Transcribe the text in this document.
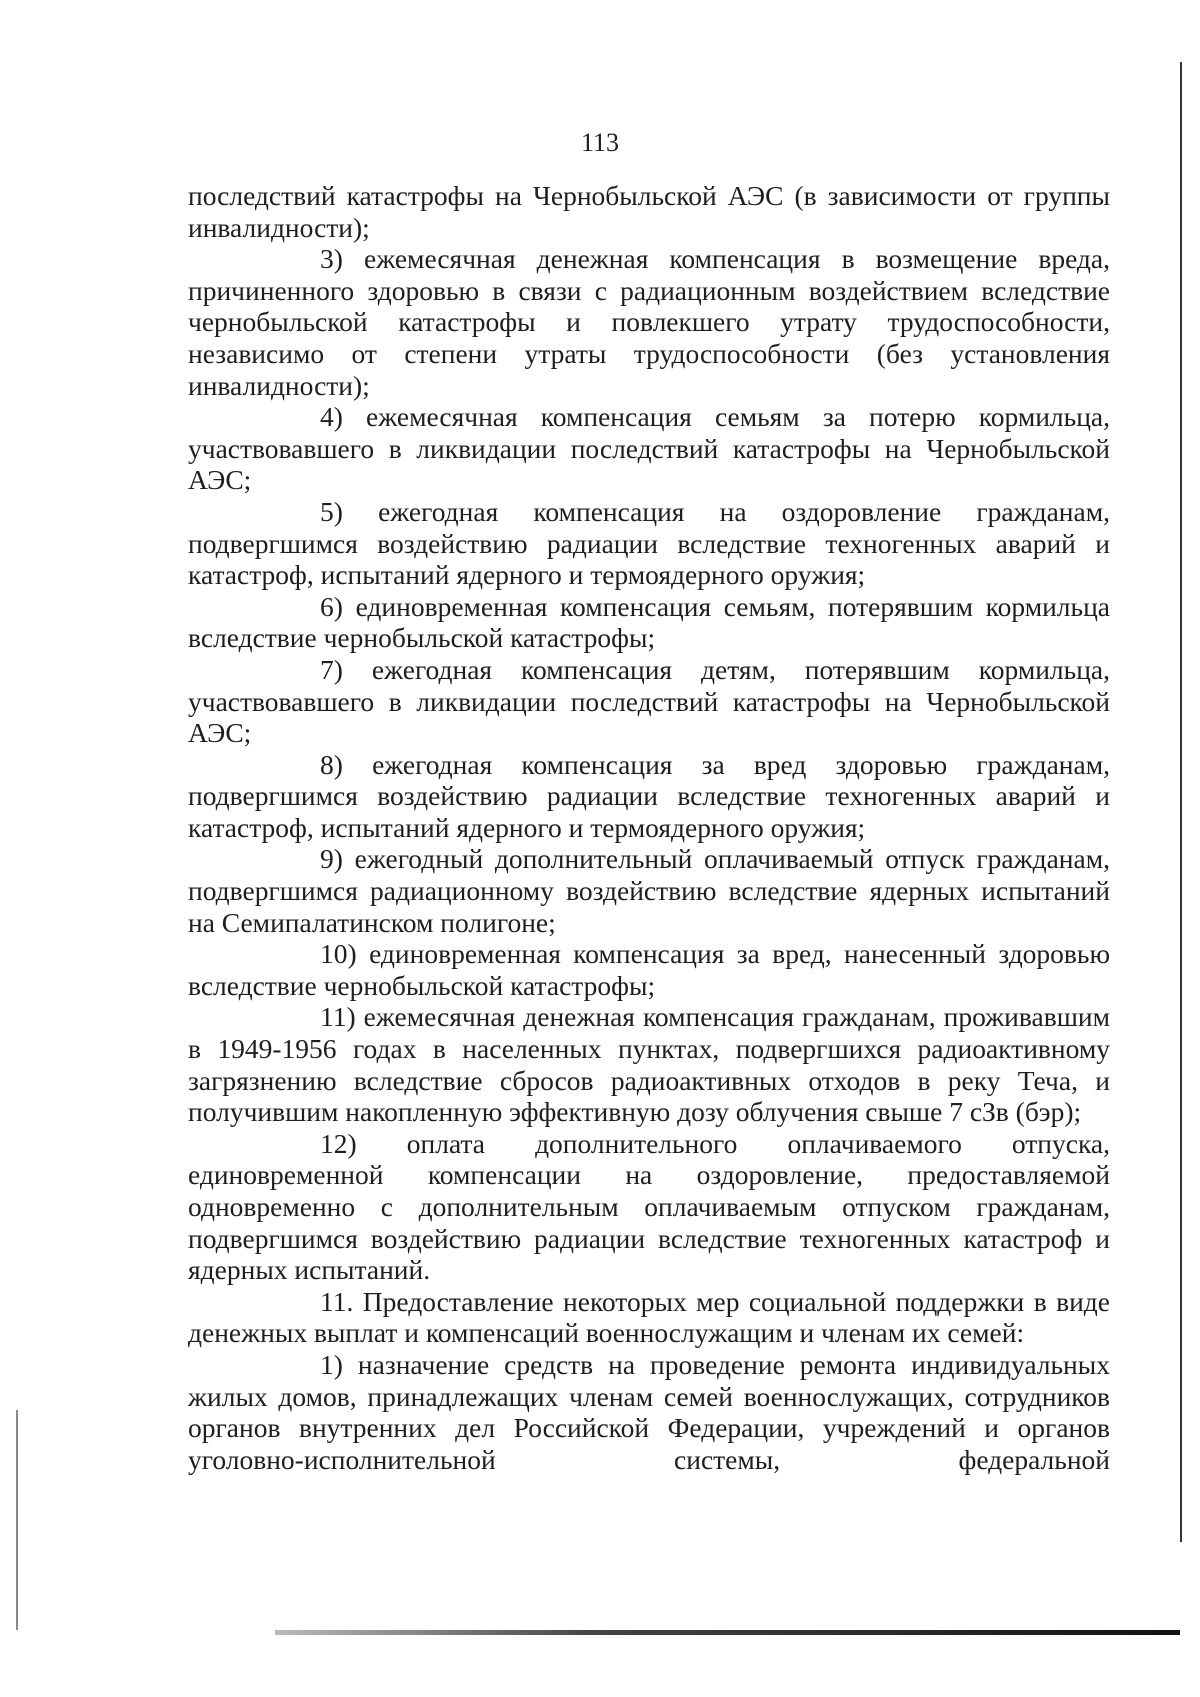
113

последствий катастрофы на Чернобыльской АЭС (в зависимости от группы инвалидности);

3) ежемесячная денежная компенсация в возмещение вреда, причиненного здоровью в связи с радиационным воздействием вследствие чернобыльской катастрофы и повлекшего утрату трудоспособности, независимо от степени утраты трудоспособности (без установления инвалидности);

4) ежемесячная компенсация семьям за потерю кормильца, участвовавшего в ликвидации последствий катастрофы на Чернобыльской АЭС;

5) ежегодная компенсация на оздоровление гражданам, подвергшимся воздействию радиации вследствие техногенных аварий и катастроф, испытаний ядерного и термоядерного оружия;

6) единовременная компенсация семьям, потерявшим кормильца вследствие чернобыльской катастрофы;

7) ежегодная компенсация детям, потерявшим кормильца, участвовавшего в ликвидации последствий катастрофы на Чернобыльской АЭС;

8) ежегодная компенсация за вред здоровью гражданам, подвергшимся воздействию радиации вследствие техногенных аварий и катастроф, испытаний ядерного и термоядерного оружия;

9) ежегодный дополнительный оплачиваемый отпуск гражданам, подвергшимся радиационному воздействию вследствие ядерных испытаний на Семипалатинском полигоне;

10) единовременная компенсация за вред, нанесенный здоровью вследствие чернобыльской катастрофы;

11) ежемесячная денежная компенсация гражданам, проживавшим в 1949-1956 годах в населенных пунктах, подвергшихся радиоактивному загрязнению вследствие сбросов радиоактивных отходов в реку Теча, и получившим накопленную эффективную дозу облучения свыше 7 сЗв (бэр);

12) оплата дополнительного оплачиваемого отпуска, единовременной компенсации на оздоровление, предоставляемой одновременно с дополнительным оплачиваемым отпуском гражданам, подвергшимся воздействию радиации вследствие техногенных катастроф и ядерных испытаний.

11. Предоставление некоторых мер социальной поддержки в виде денежных выплат и компенсаций военнослужащим и членам их семей:

1) назначение средств на проведение ремонта индивидуальных жилых домов, принадлежащих членам семей военнослужащих, сотрудников органов внутренних дел Российской Федерации, учреждений и органов уголовно-исполнительной системы, федеральной
